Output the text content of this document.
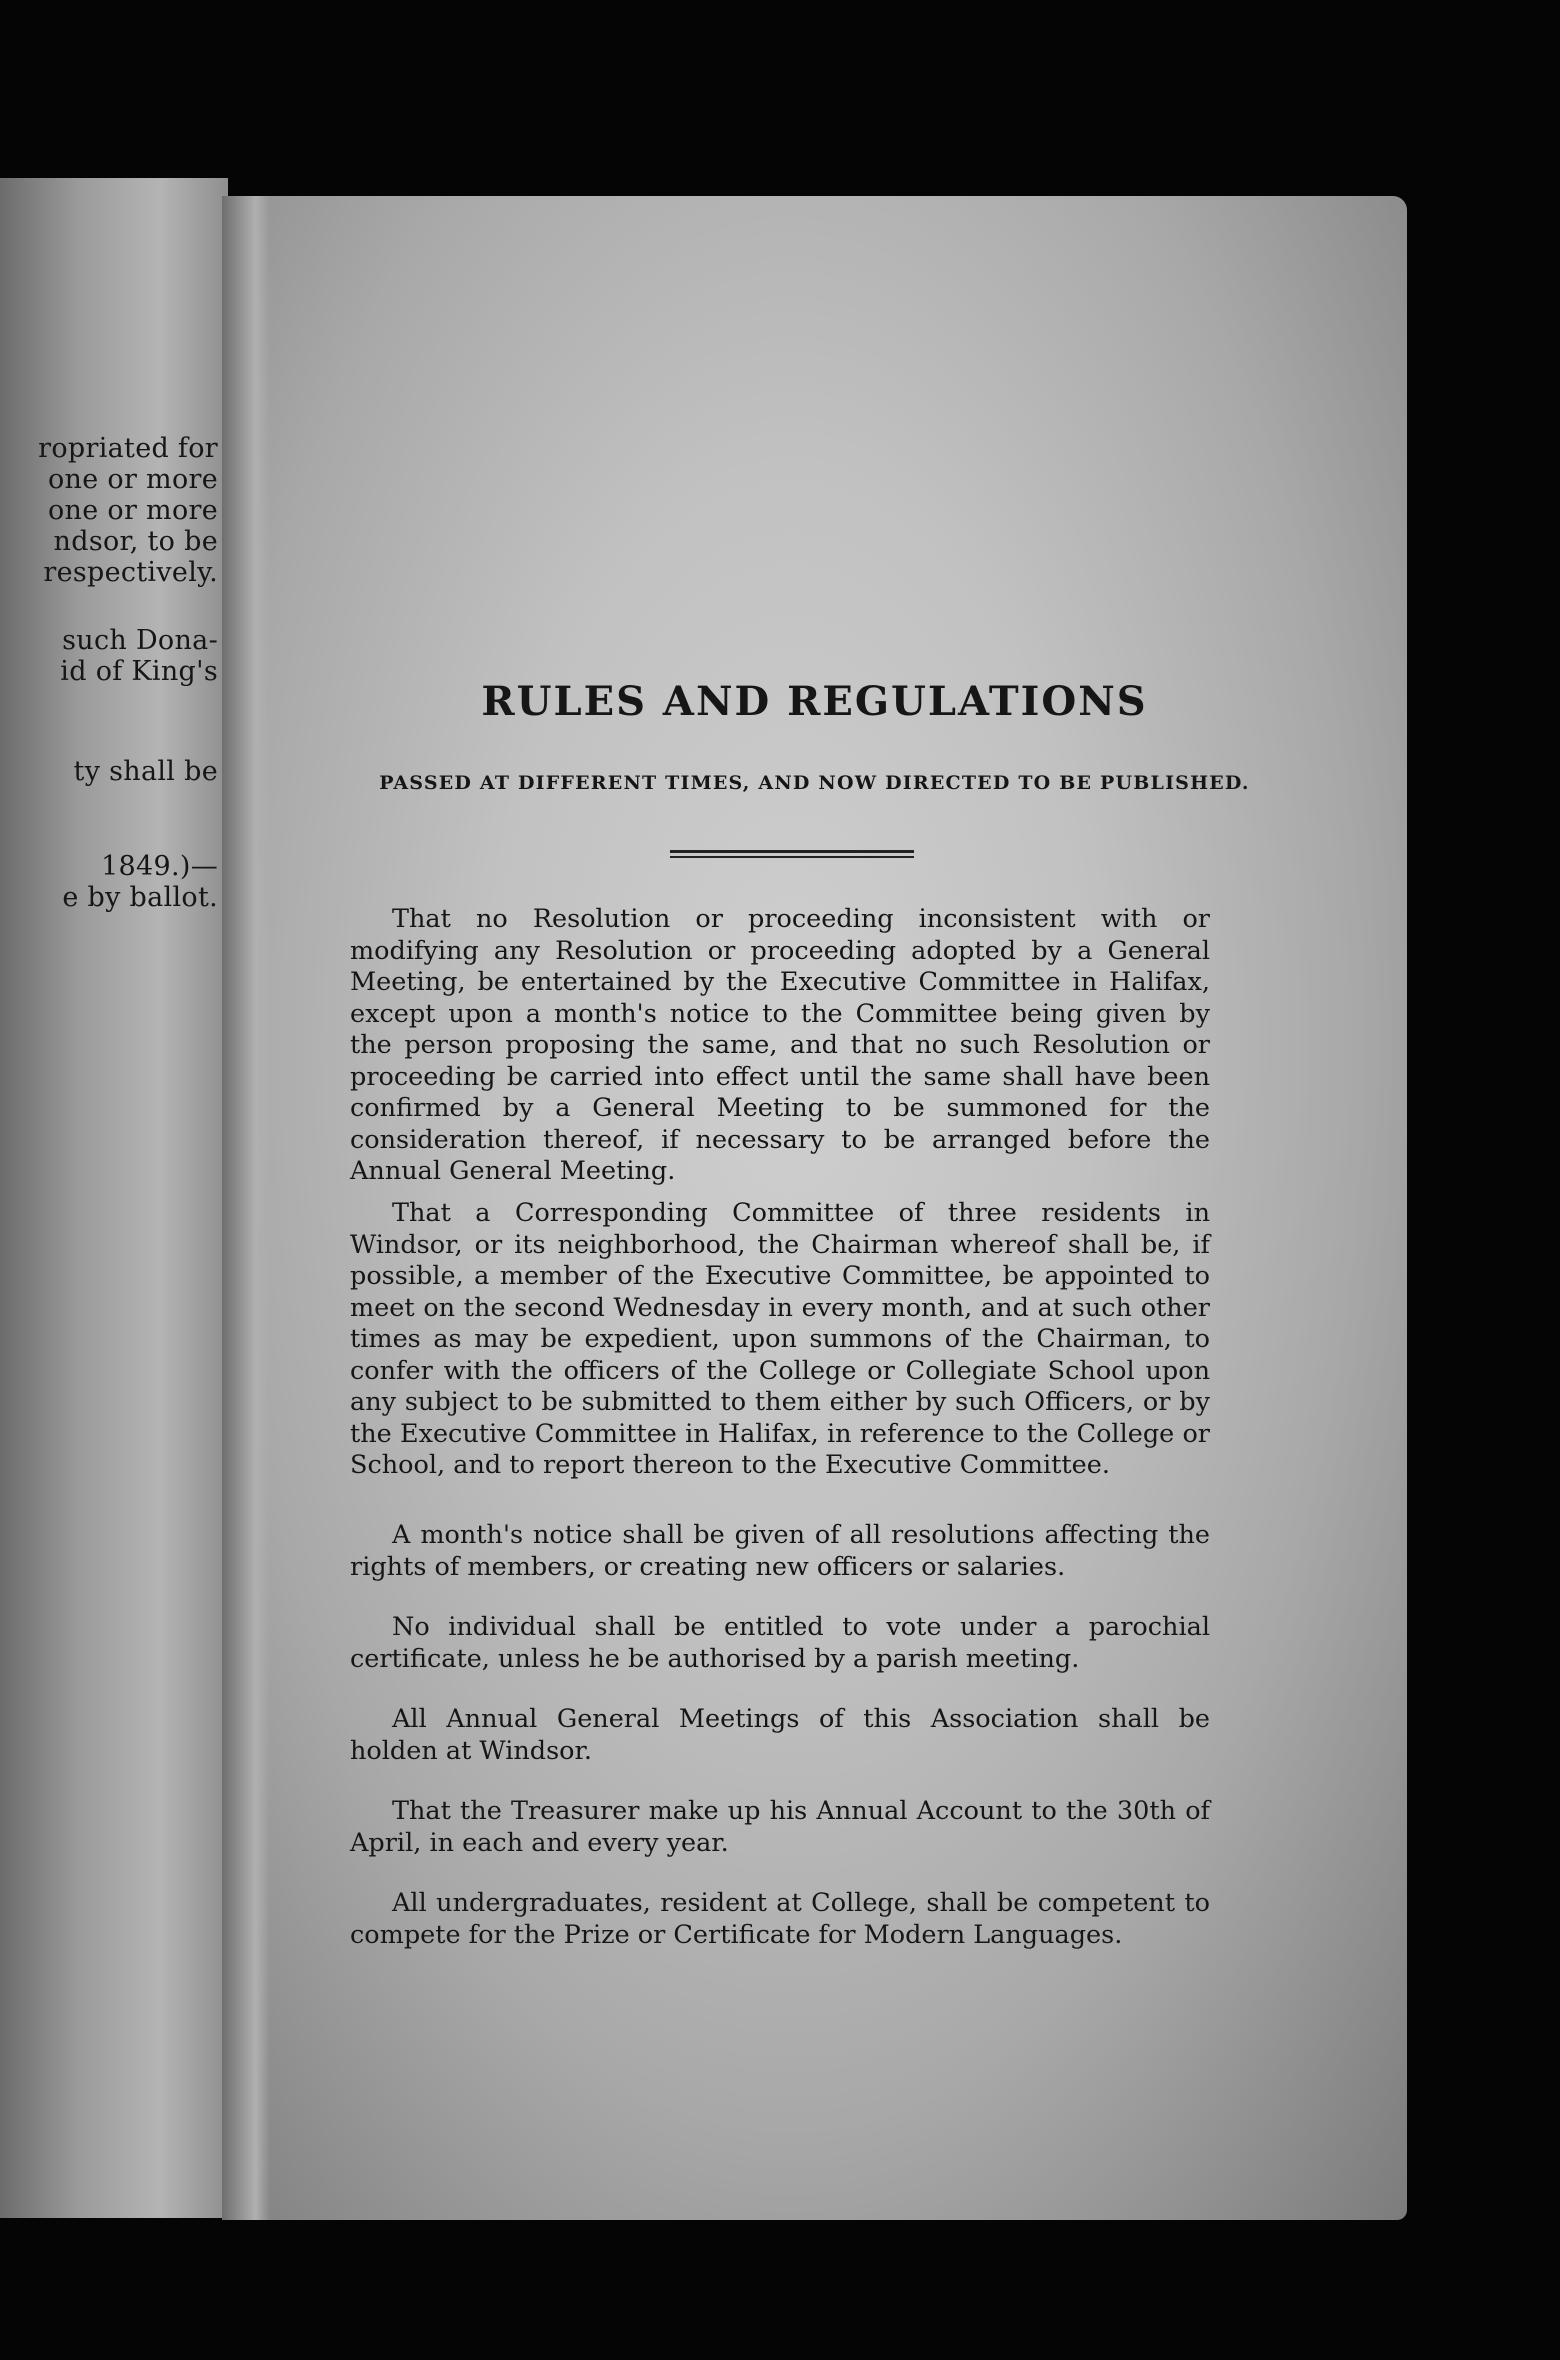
ropriated for
one or more
one or more
ndsor, to be
respectively.
such Dona-
id of King's
ty shall be
1849.)—
e by ballot.
RULES AND REGULATIONS
PASSED AT DIFFERENT TIMES, AND NOW DIRECTED TO BE PUBLISHED.

That no Resolution or proceeding inconsistent with or modifying any Resolution or proceeding adopted by a General Meeting, be entertained by the Executive Committee in Halifax, except upon a month's notice to the Committee being given by the person proposing the same, and that no such Resolution or proceeding be carried into effect until the same shall have been confirmed by a General Meeting to be summoned for the consideration thereof, if necessary to be arranged before the Annual General Meeting.

That a Corresponding Committee of three residents in Windsor, or its neighborhood, the Chairman whereof shall be, if possible, a member of the Executive Committee, be appointed to meet on the second Wednesday in every month, and at such other times as may be expedient, upon summons of the Chairman, to confer with the officers of the College or Collegiate School upon any subject to be submitted to them either by such Officers, or by the Executive Committee in Halifax, in reference to the College or School, and to report thereon to the Executive Committee.

A month's notice shall be given of all resolutions affecting the rights of members, or creating new officers or salaries.

No individual shall be entitled to vote under a parochial certificate, unless he be authorised by a parish meeting.

All Annual General Meetings of this Association shall be holden at Windsor.

That the Treasurer make up his Annual Account to the 30th of April, in each and every year.

All undergraduates, resident at College, shall be competent to compete for the Prize or Certificate for Modern Languages.
